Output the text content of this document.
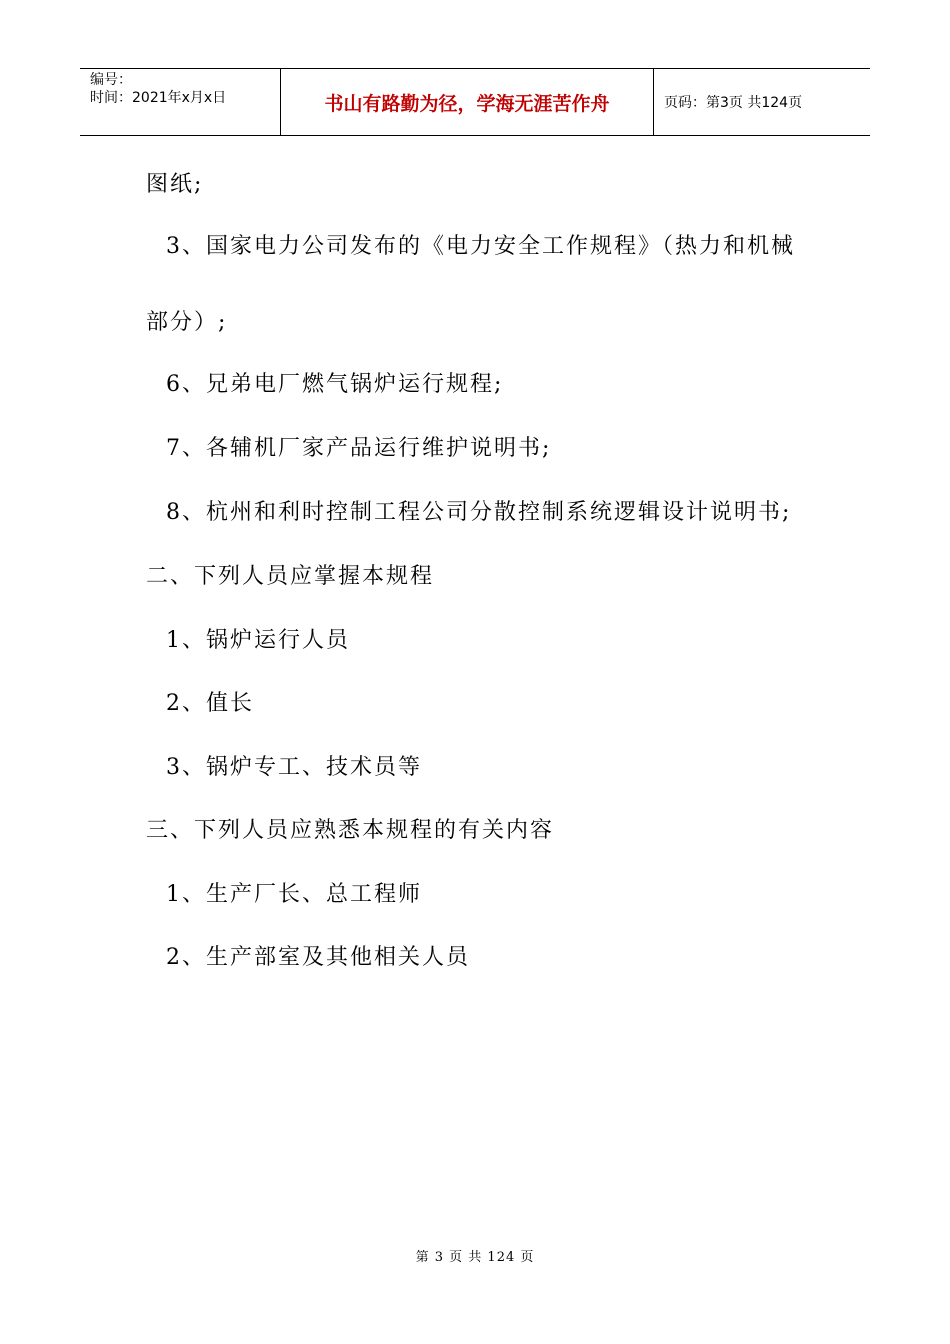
编号：
时间：2021年x月x日	书山有路勤为径，学海无涯苦作舟	页码：第3页 共124页
图纸;
3、国家电力公司发布的《电力安全工作规程》（热力和机械
部分）;
6、兄弟电厂燃气锅炉运行规程;
7、各辅机厂家产品运行维护说明书;
8、杭州和利时控制工程公司分散控制系统逻辑设计说明书;
二、下列人员应掌握本规程
1、锅炉运行人员
2、值长
3、锅炉专工、技术员等
三、下列人员应熟悉本规程的有关内容
1、生产厂长、总工程师
2、生产部室及其他相关人员
第 3 页 共 124 页
